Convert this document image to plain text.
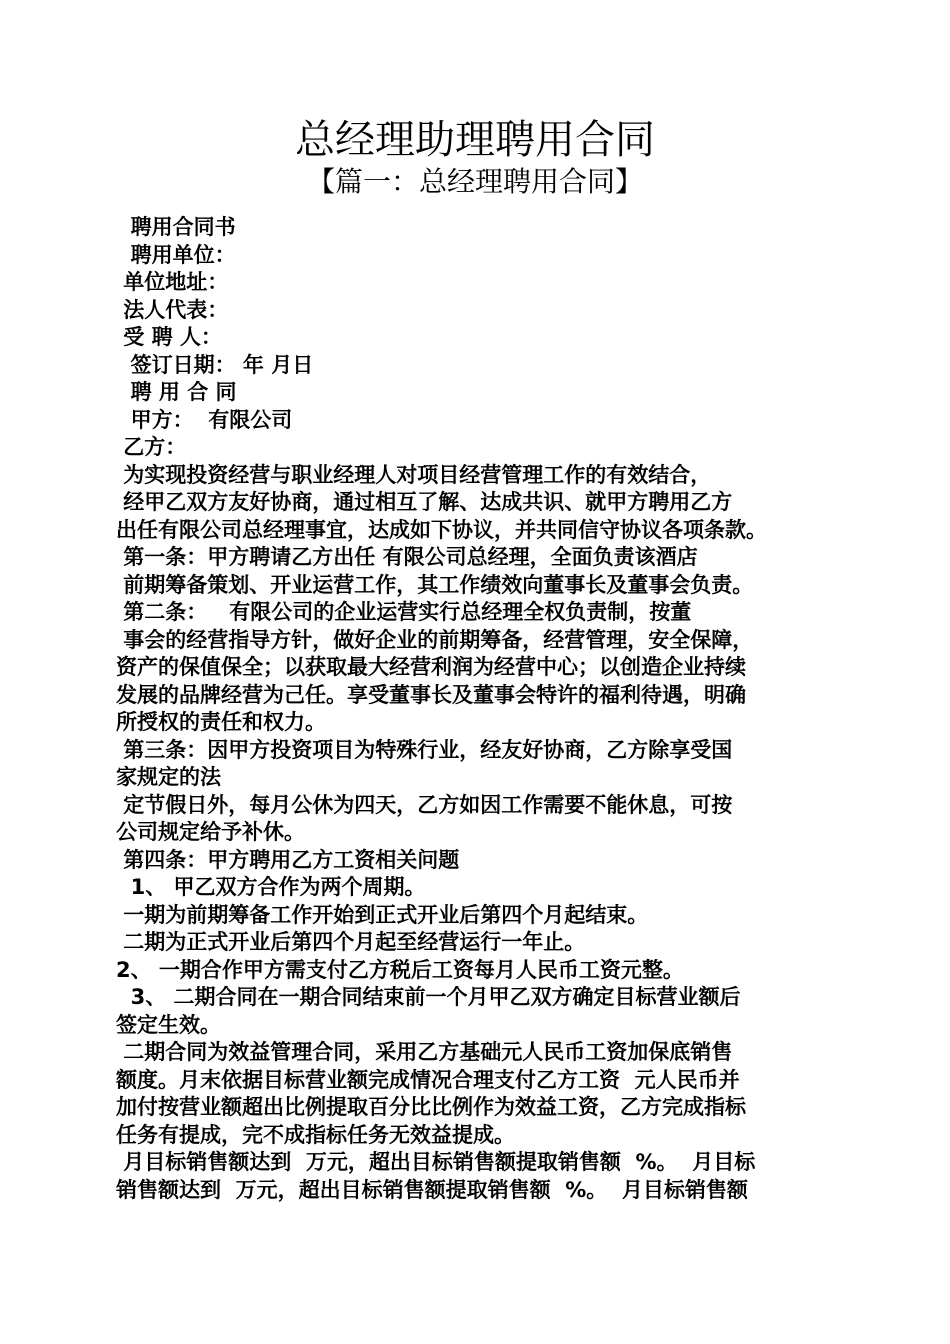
总经理助理聘用合同
【篇一：总经理聘用合同】
聘用合同书
聘用单位：
单位地址：
法人代表：
受 聘 人：
签订日期： 年 月日
聘 用 合 同
甲方：  有限公司
乙方：
为实现投资经营与职业经理人对项目经营管理工作的有效结合，
经甲乙双方友好协商，通过相互了解、达成共识、就甲方聘用乙方
出任有限公司总经理事宜，达成如下协议，并共同信守协议各项条款。
第一条：甲方聘请乙方出任 有限公司总经理，全面负责该酒店
前期筹备策划、开业运营工作，其工作绩效向董事长及董事会负责。
第二条：   有限公司的企业运营实行总经理全权负责制，按董
事会的经营指导方针，做好企业的前期筹备，经营管理，安全保障，
资产的保值保全；以获取最大经营利润为经营中心；以创造企业持续
发展的品牌经营为己任。享受董事长及董事会特许的福利待遇，明确
所授权的责任和权力。
第三条：因甲方投资项目为特殊行业，经友好协商，乙方除享受国
家规定的法
定节假日外，每月公休为四天，乙方如因工作需要不能休息，可按
公司规定给予补休。
第四条：甲方聘用乙方工资相关问题
1、 甲乙双方合作为两个周期。
一期为前期筹备工作开始到正式开业后第四个月起结束。
二期为正式开业后第四个月起至经营运行一年止。
2、 一期合作甲方需支付乙方税后工资每月人民币工资元整。
3、 二期合同在一期合同结束前一个月甲乙双方确定目标营业额后
签定生效。
二期合同为效益管理合同，采用乙方基础元人民币工资加保底销售
额度。月末依据目标营业额完成情况合理支付乙方工资  元人民币并
加付按营业额超出比例提取百分比比例作为效益工资，乙方完成指标
任务有提成，完不成指标任务无效益提成。
月目标销售额达到  万元，超出目标销售额提取销售额  %。  月目标
销售额达到  万元，超出目标销售额提取销售额  %。  月目标销售额
